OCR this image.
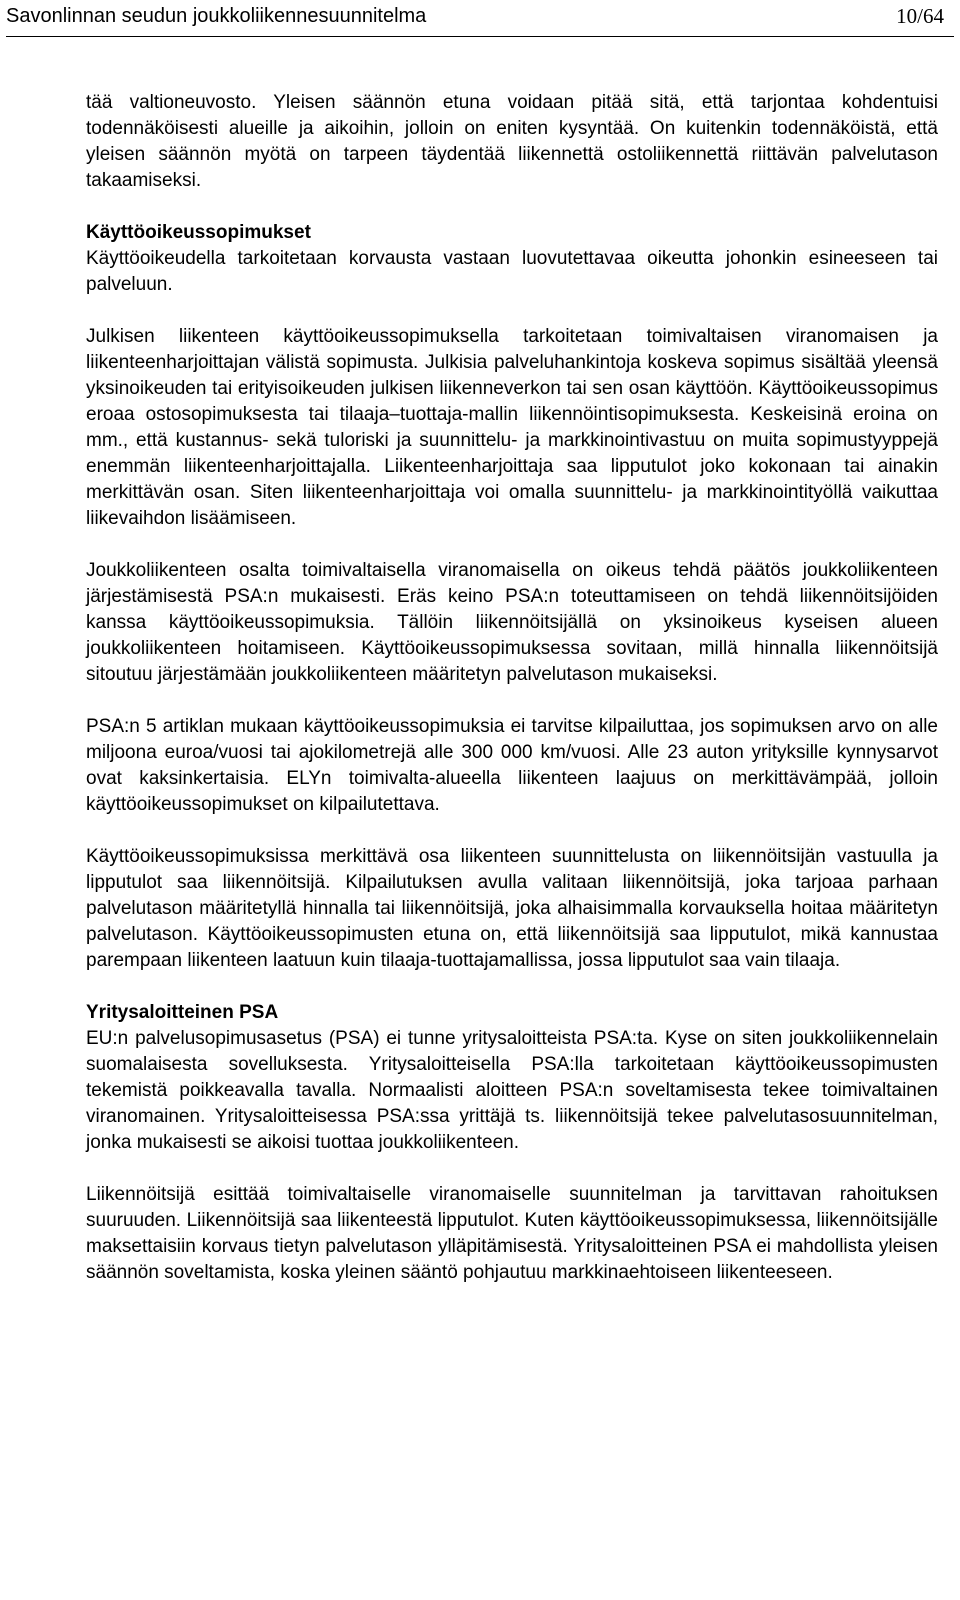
Savonlinnan seudun joukkoliikennesuunnitelma	10/64

tää valtioneuvosto. Yleisen säännön etuna voidaan pitää sitä, että tarjontaa kohdentuisi todennäköisesti alueille ja aikoihin, jolloin on eniten kysyntää. On kuitenkin todennäköistä, että yleisen säännön myötä on tarpeen täydentää liikennettä ostoliikennettä riittävän palvelutason takaamiseksi.

Käyttöoikeussopimukset
Käyttöoikeudella tarkoitetaan korvausta vastaan luovutettavaa oikeutta johonkin esineeseen tai palveluun.

Julkisen liikenteen käyttöoikeussopimuksella tarkoitetaan toimivaltaisen viranomaisen ja liikenteenharjoittajan välistä sopimusta. Julkisia palveluhankintoja koskeva sopimus sisältää yleensä yksinoikeuden tai erityisoikeuden julkisen liikenneverkon tai sen osan käyttöön. Käyttöoikeussopimus eroaa ostosopimuksesta tai tilaaja–tuottaja-mallin liikennöintisopimuksesta. Keskeisinä eroina on mm., että kustannus- sekä tuloriski ja suunnittelu- ja markkinointivastuu on muita sopimustyyppejä enemmän liikenteenharjoittajalla. Liikenteenharjoittaja saa lipputulot joko kokonaan tai ainakin merkittävän osan. Siten liikenteenharjoittaja voi omalla suunnittelu- ja markkinointityöllä vaikuttaa liikevaihdon lisäämiseen.

Joukkoliikenteen osalta toimivaltaisella viranomaisella on oikeus tehdä päätös joukkoliikenteen järjestämisestä PSA:n mukaisesti. Eräs keino PSA:n toteuttamiseen on tehdä liikennöitsijöiden kanssa käyttöoikeussopimuksia. Tällöin liikennöitsijällä on yksinoikeus kyseisen alueen joukkoliikenteen hoitamiseen. Käyttöoikeussopimuksessa sovitaan, millä hinnalla liikennöitsijä sitoutuu järjestämään joukkoliikenteen määritetyn palvelutason mukaiseksi.

PSA:n 5 artiklan mukaan käyttöoikeussopimuksia ei tarvitse kilpailuttaa, jos sopimuksen arvo on alle miljoona euroa/vuosi tai ajokilometrejä alle 300 000 km/vuosi. Alle 23 auton yrityksille kynnysarvot ovat kaksinkertaisia. ELYn toimivalta-alueella liikenteen laajuus on merkittävämpää, jolloin käyttöoikeussopimukset on kilpailutettava.

Käyttöoikeussopimuksissa merkittävä osa liikenteen suunnittelusta on liikennöitsijän vastuulla ja lipputulot saa liikennöitsijä. Kilpailutuksen avulla valitaan liikennöitsijä, joka tarjoaa parhaan palvelutason määritetyllä hinnalla tai liikennöitsijä, joka alhaisimmalla korvauksella hoitaa määritetyn palvelutason. Käyttöoikeussopimusten etuna on, että liikennöitsijä saa lipputulot, mikä kannustaa parempaan liikenteen laatuun kuin tilaaja-tuottajamallissa, jossa lipputulot saa vain tilaaja.

Yritysaloitteinen PSA
EU:n palvelusopimusasetus (PSA) ei tunne yritysaloitteista PSA:ta. Kyse on siten joukkoliikennelain suomalaisesta sovelluksesta. Yritysaloitteisella PSA:lla tarkoitetaan käyttöoikeussopimusten tekemistä poikkeavalla tavalla. Normaalisti aloitteen PSA:n soveltamisesta tekee toimivaltainen viranomainen. Yritysaloitteisessa PSA:ssa yrittäjä ts. liikennöitsijä tekee palvelutasosuunnitelman, jonka mukaisesti se aikoisi tuottaa joukkoliikenteen.

Liikennöitsijä esittää toimivaltaiselle viranomaiselle suunnitelman ja tarvittavan rahoituksen suuruuden. Liikennöitsijä saa liikenteestä lipputulot. Kuten käyttöoikeussopimuksessa, liikennöitsijälle maksettaisiin korvaus tietyn palvelutason ylläpitämisestä. Yritysaloitteinen PSA ei mahdollista yleisen säännön soveltamista, koska yleinen sääntö pohjautuu markkinaehtoiseen liikenteeseen.
